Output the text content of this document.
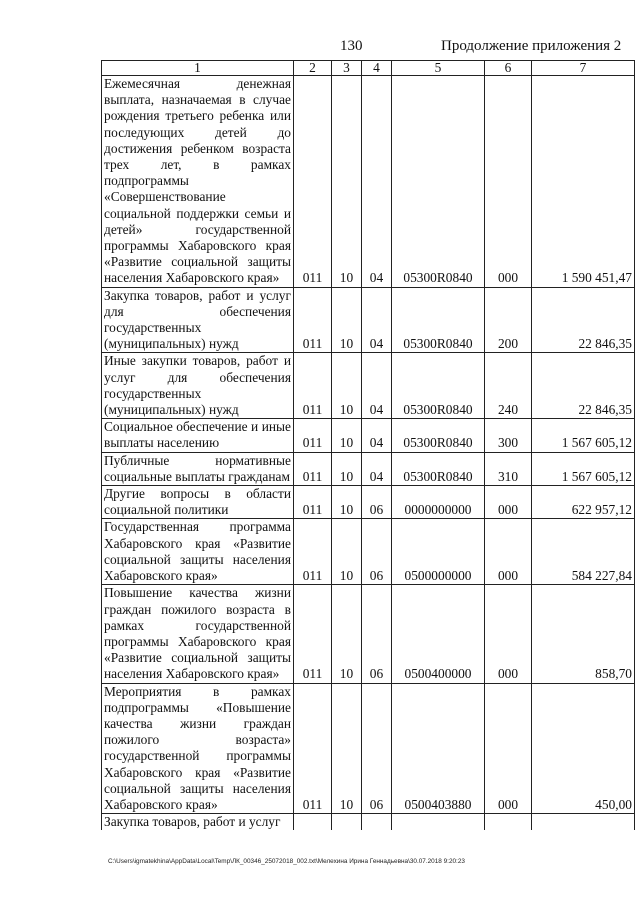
130	Продолжение приложения 2
1	2	3	4	5	6	7
Ежемесячная денежная выплата, назначаемая в случае рождения третьего ребенка или последующих детей до достижения ребенком возраста трех лет, в рамках подпрограммы «Совершенствование социальной поддержки семьи и детей» государственной программы Хабаровского края «Развитие социальной защиты населения Хабаровского края»	011	10	04	05300R0840	000	1 590 451,47
Закупка товаров, работ и услуг для обеспечения государственных (муниципальных) нужд	011	10	04	05300R0840	200	22 846,35
Иные закупки товаров, работ и услуг для обеспечения государственных (муниципальных) нужд	011	10	04	05300R0840	240	22 846,35
Социальное обеспечение и иные выплаты населению	011	10	04	05300R0840	300	1 567 605,12
Публичные нормативные социальные выплаты гражданам	011	10	04	05300R0840	310	1 567 605,12
Другие вопросы в области социальной политики	011	10	06	0000000000	000	622 957,12
Государственная программа Хабаровского края «Развитие социальной защиты населения Хабаровского края»	011	10	06	0500000000	000	584 227,84
Повышение качества жизни граждан пожилого возраста в рамках государственной программы Хабаровского края «Развитие социальной защиты населения Хабаровского края»	011	10	06	0500400000	000	858,70
Мероприятия в рамках подпрограммы «Повышение качества жизни граждан пожилого возраста» государственной программы Хабаровского края «Развитие социальной защиты населения Хабаровского края»	011	10	06	0500403880	000	450,00
Закупка товаров, работ и услуг						
C:\Users\igmatekhina\AppData\Local\Temp\ЛК_00346_25072018_002.txt\Мелехина Ирина Геннадьевна\30.07.2018 9:20:23
